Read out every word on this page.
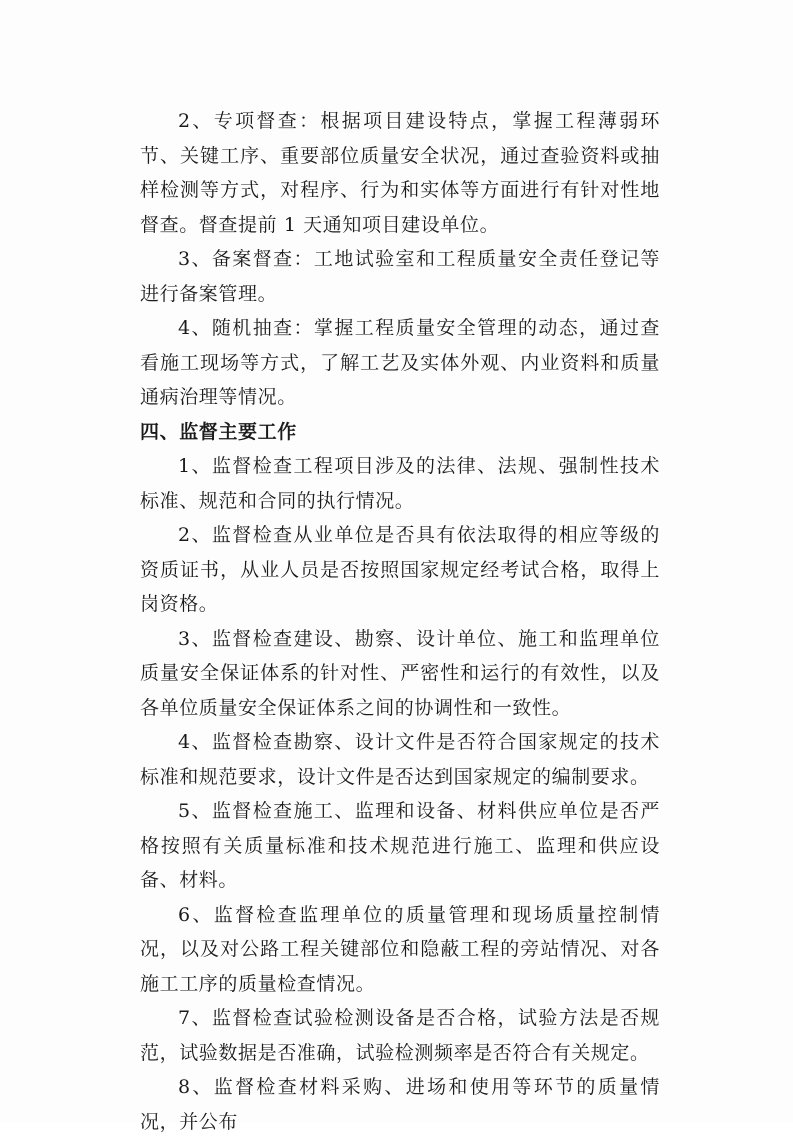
2、专项督查：根据项目建设特点，掌握工程薄弱环节、关键工序、重要部位质量安全状况，通过查验资料或抽样检测等方式，对程序、行为和实体等方面进行有针对性地督查。督查提前 1 天通知项目建设单位。

3、备案督查：工地试验室和工程质量安全责任登记等进行备案管理。

4、随机抽查：掌握工程质量安全管理的动态，通过查看施工现场等方式，了解工艺及实体外观、内业资料和质量通病治理等情况。

四、监督主要工作

1、监督检查工程项目涉及的法律、法规、强制性技术标准、规范和合同的执行情况。

2、监督检查从业单位是否具有依法取得的相应等级的资质证书，从业人员是否按照国家规定经考试合格，取得上岗资格。

3、监督检查建设、勘察、设计单位、施工和监理单位质量安全保证体系的针对性、严密性和运行的有效性，以及各单位质量安全保证体系之间的协调性和一致性。

4、监督检查勘察、设计文件是否符合国家规定的技术标准和规范要求，设计文件是否达到国家规定的编制要求。

5、监督检查施工、监理和设备、材料供应单位是否严格按照有关质量标准和技术规范进行施工、监理和供应设备、材料。

6、监督检查监理单位的质量管理和现场质量控制情况，以及对公路工程关键部位和隐蔽工程的旁站情况、对各施工工序的质量检查情况。

7、监督检查试验检测设备是否合格，试验方法是否规范，试验数据是否准确，试验检测频率是否符合有关规定。

8、监督检查材料采购、进场和使用等环节的质量情况，并公布
